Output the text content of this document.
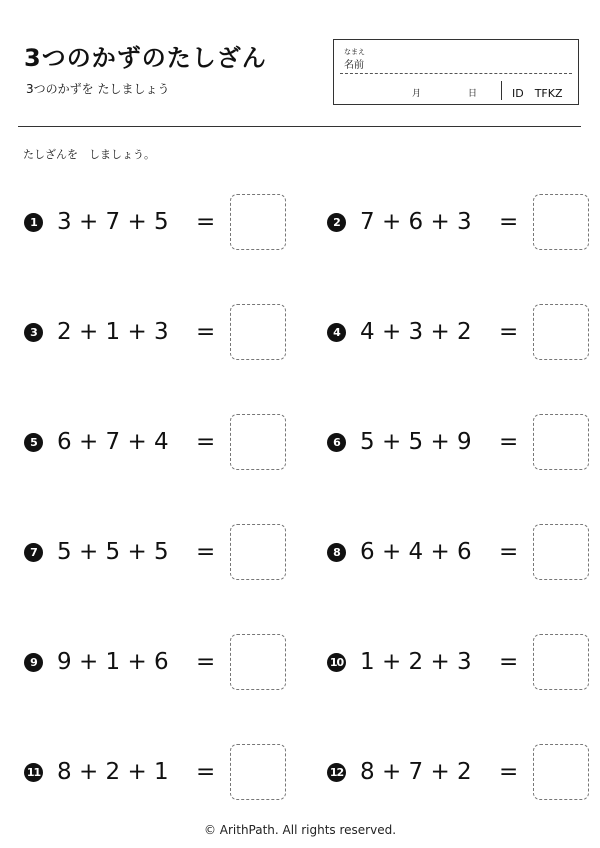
3つのかずのたしざん
3つのかずを たしましょう
なまえ
名前
月	日	ID　TFKZ
たしざんを　しましょう。
1 3 + 7 + 5 =	2 7 + 6 + 3 =
3 2 + 1 + 3 =	4 4 + 3 + 2 =
5 6 + 7 + 4 =	6 5 + 5 + 9 =
7 5 + 5 + 5 =	8 6 + 4 + 6 =
9 9 + 1 + 6 =	10 1 + 2 + 3 =
11 8 + 2 + 1 =	12 8 + 7 + 2 =
© ArithPath. All rights reserved.
